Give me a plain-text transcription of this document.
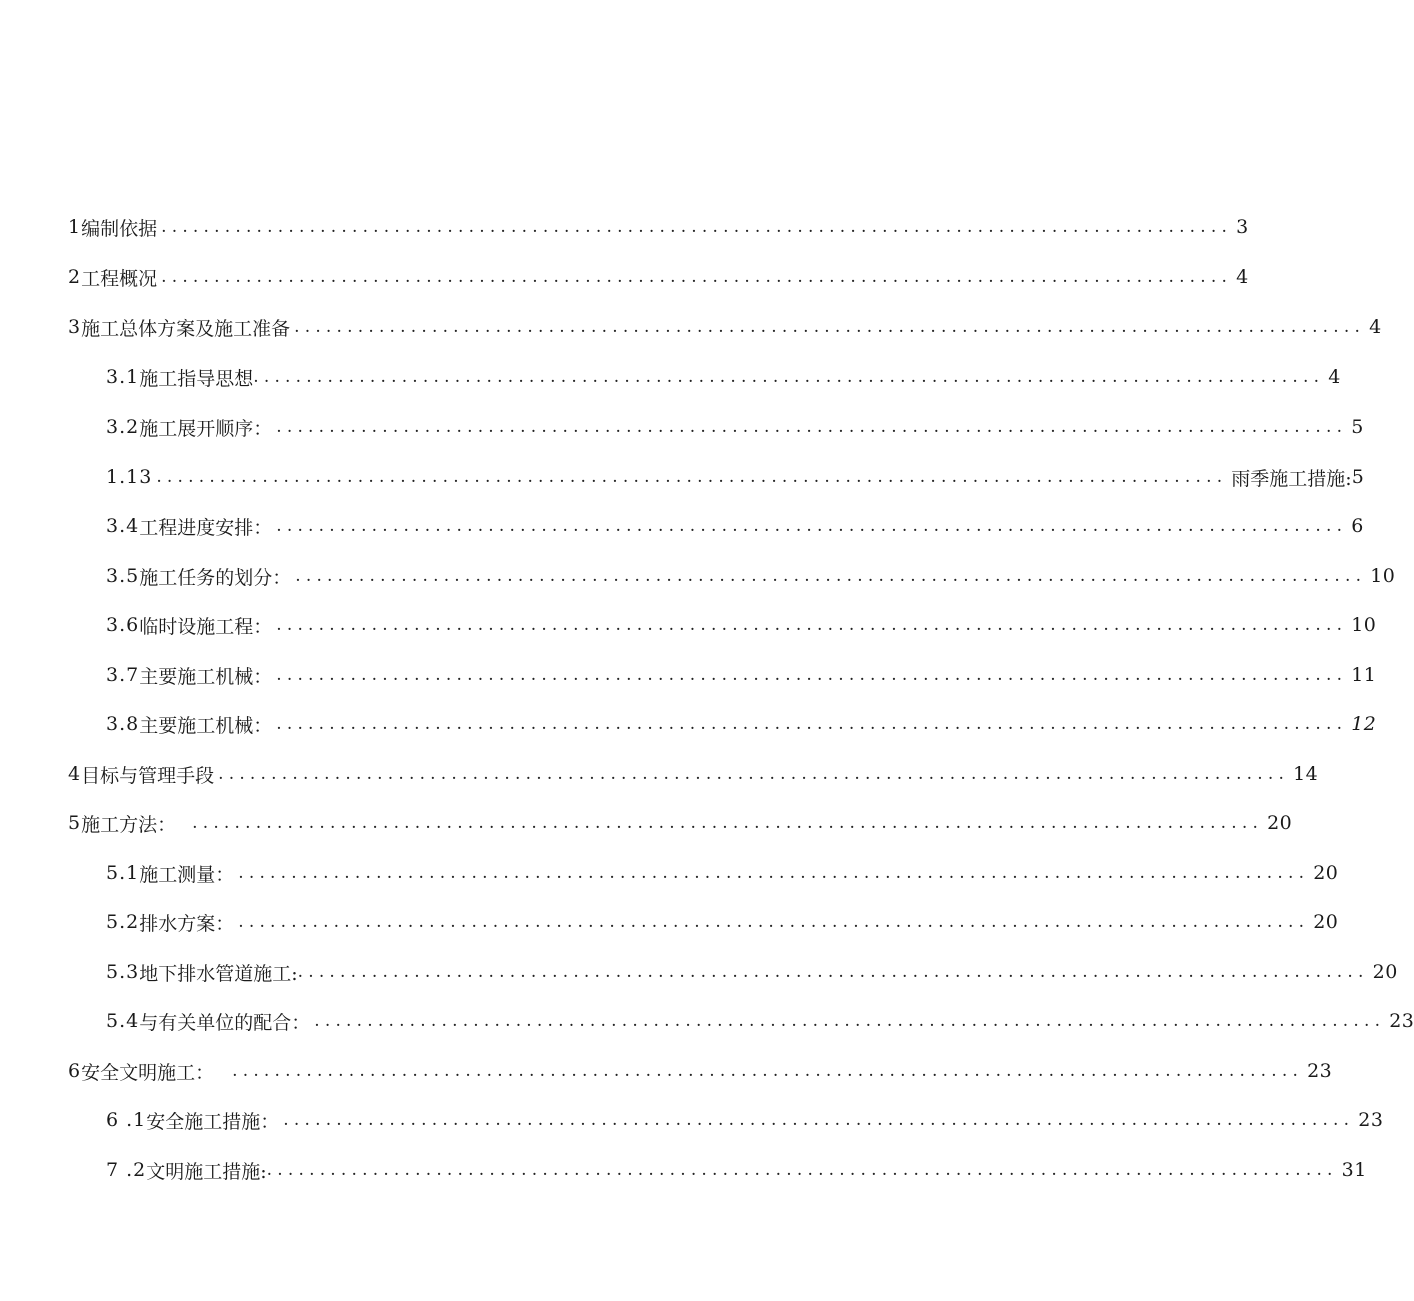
1 编制依据 ..................................................................................................... 3
2 工程概况 ..................................................................................................... 4
3 施工总体方案及施工准备 ..................................................................................................... 4
3.1 施工指导思想 ..................................................................................................... 4
3.2 施工展开顺序： ..................................................................................................... 5
1.1 3 ..................................................................................................... 雨季施工措施: 5
3.4 工程进度安排： ..................................................................................................... 6
3.5 施工任务的划分： ..................................................................................................... 10
3.6 临时设施工程： ..................................................................................................... 10
3.7 主要施工机械： ..................................................................................................... 11
3.8 主要施工机械： ..................................................................................................... 12
4 目标与管理手段 ..................................................................................................... 14
5 施工方法： ..................................................................................................... 20
5.1 施工测量： ..................................................................................................... 20
5.2 排水方案： ..................................................................................................... 20
5.3 地下排水管道施工: ..................................................................................................... 20
5.4 与有关单位的配合： ..................................................................................................... 23
6 安全文明施工： ..................................................................................................... 23
6 .1 安全施工措施： ..................................................................................................... 23
7 .2 文明施工措施: ..................................................................................................... 31
